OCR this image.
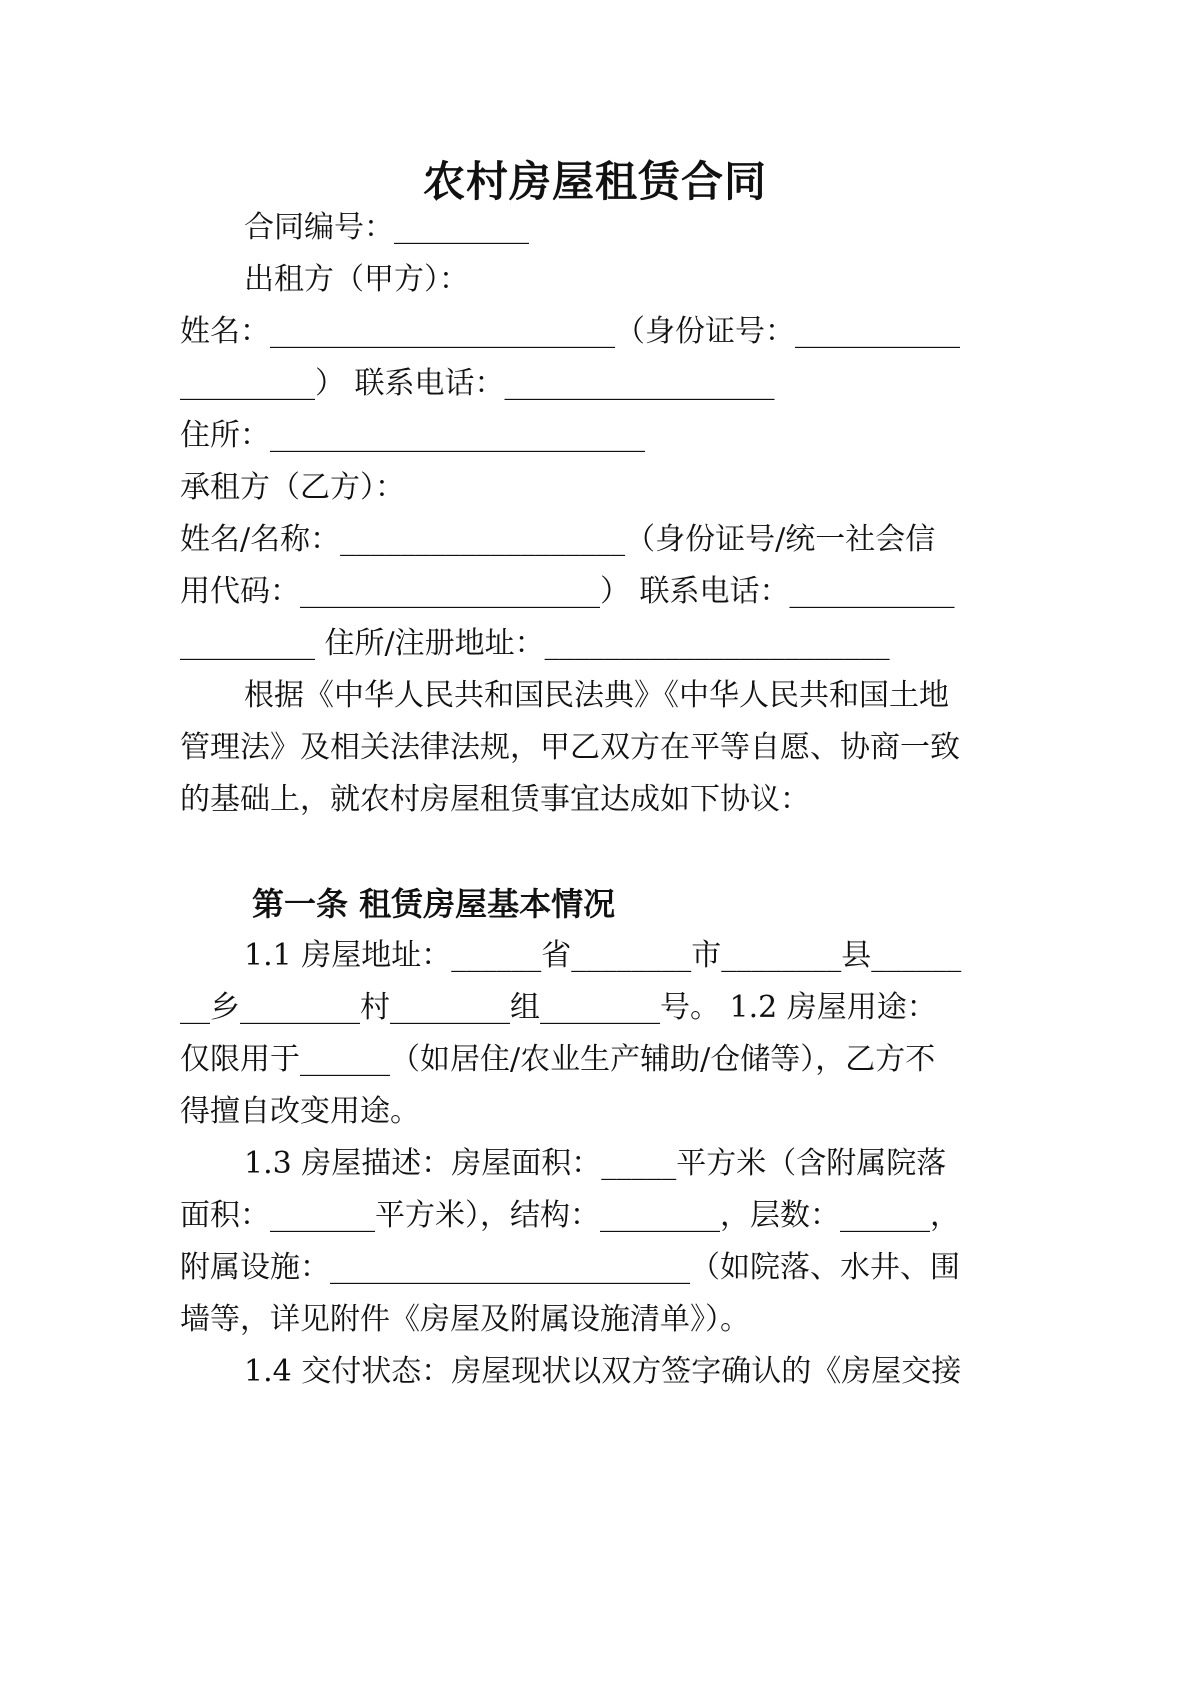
农村房屋租赁合同
合同编号：_________
出租方（甲方）：
姓名：_______________________（身份证号：___________
_________） 联系电话：__________________
住所：_________________________
承租方（乙方）：
姓名/名称：___________________（身份证号/统一社会信
用代码：____________________） 联系电话：___________
_________ 住所/注册地址：_______________________
根据《中华人民共和国民法典》《中华人民共和国土地
管理法》及相关法律法规，甲乙双方在平等自愿、协商一致
的基础上，就农村房屋租赁事宜达成如下协议：
第一条 租赁房屋基本情况
1.1 房屋地址：______省________市________县______
__乡________村________组________号。 1.2 房屋用途：
仅限用于______（如居住/农业生产辅助/仓储等），乙方不
得擅自改变用途。
1.3 房屋描述：房屋面积：_____平方米（含附属院落
面积：_______平方米），结构：________，层数：______，
附属设施：________________________（如院落、水井、围
墙等，详见附件《房屋及附属设施清单》）。
1.4 交付状态：房屋现状以双方签字确认的《房屋交接
